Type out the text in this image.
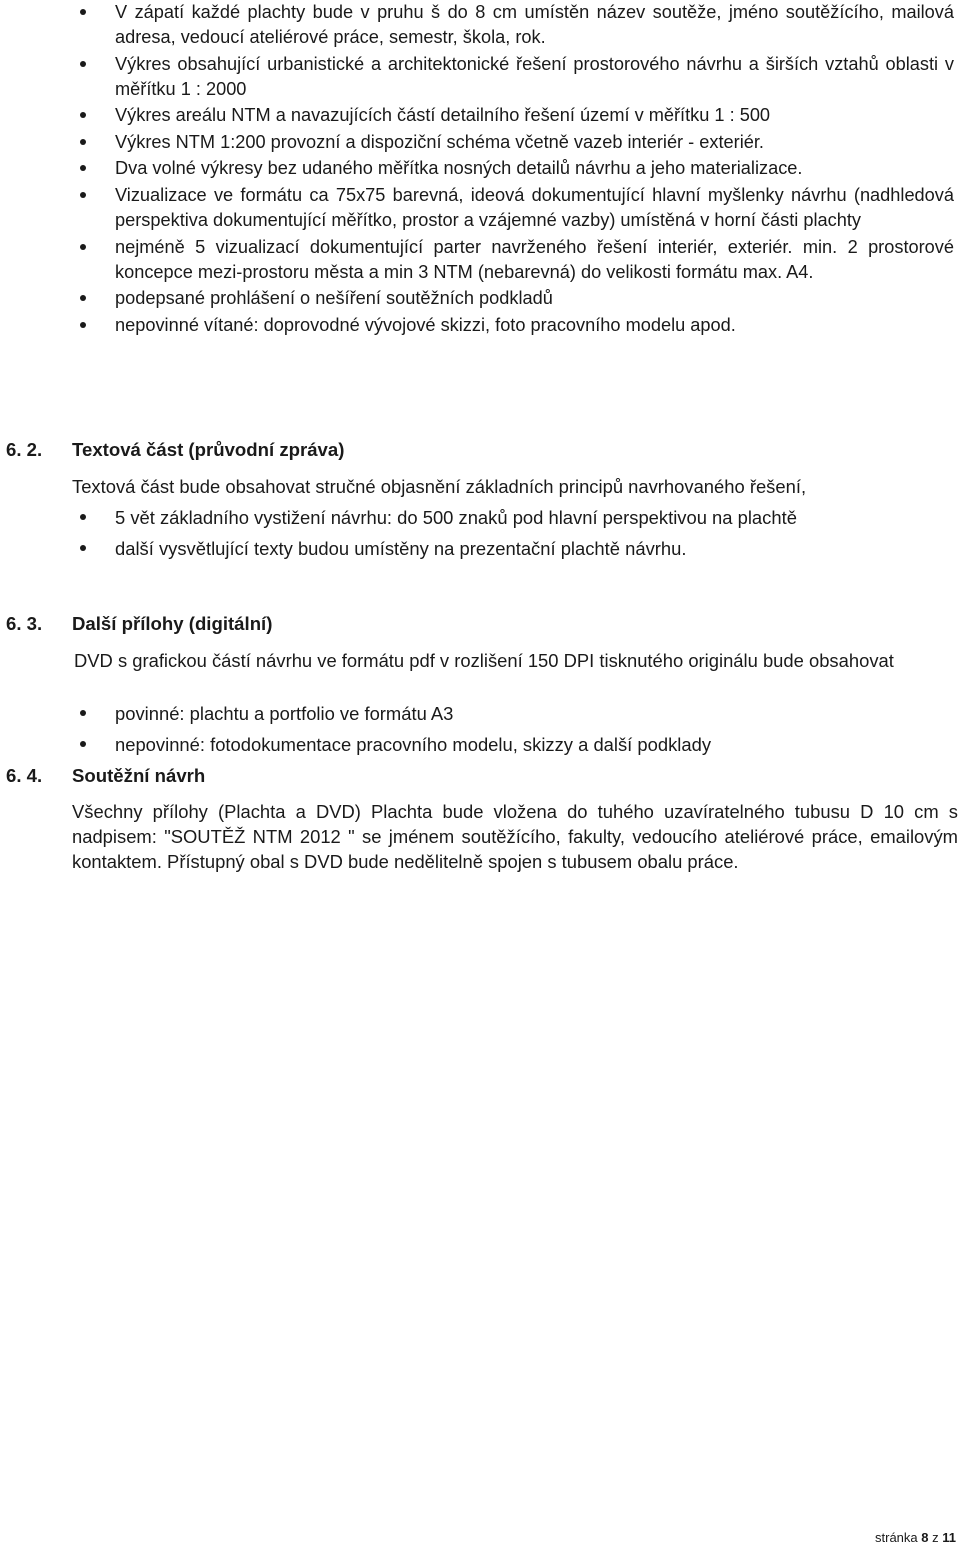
V zápatí každé plachty bude v pruhu š do 8 cm umístěn název soutěže, jméno soutěžícího, mailová adresa, vedoucí ateliérové práce, semestr, škola, rok.
Výkres obsahující urbanistické a architektonické řešení prostorového návrhu a širších vztahů oblasti v měřítku 1 : 2000
Výkres areálu NTM a navazujících částí detailního řešení území v měřítku 1 : 500
Výkres NTM 1:200 provozní a dispoziční schéma včetně vazeb interiér - exteriér.
Dva volné výkresy bez udaného měřítka nosných detailů návrhu a jeho materializace.
Vizualizace ve formátu ca 75x75 barevná, ideová dokumentující hlavní myšlenky návrhu (nadhledová perspektiva dokumentující měřítko, prostor a vzájemné vazby) umístěná v horní části plachty
nejméně 5 vizualizací dokumentující parter navrženého řešení interiér, exteriér. min. 2 prostorové koncepce mezi-prostoru města a min 3 NTM (nebarevná) do velikosti formátu max. A4.
podepsané prohlášení o nešíření soutěžních podkladů
nepovinné vítané: doprovodné vývojové skizzi, foto pracovního modelu apod.
6. 2. Textová část (průvodní zpráva)
Textová část bude obsahovat stručné objasnění základních principů navrhovaného řešení,
5 vět základního vystižení návrhu: do 500 znaků pod hlavní perspektivou na plachtě
další vysvětlující texty budou umístěny na prezentační plachtě návrhu.
6. 3. Další přílohy (digitální)
DVD s grafickou částí návrhu ve formátu pdf v rozlišení 150 DPI tisknutého originálu bude obsahovat
povinné: plachtu a portfolio ve formátu A3
nepovinné: fotodokumentace pracovního modelu, skizzy a další podklady
6. 4. Soutěžní návrh
Všechny přílohy (Plachta a DVD) Plachta bude vložena do tuhého uzavíratelného tubusu D 10 cm s nadpisem: "SOUTĚŽ NTM 2012 " se jménem soutěžícího, fakulty, vedoucího ateliérové práce, emailovým kontaktem. Přístupný obal s DVD bude nedělitelně spojen s tubusem obalu práce.
stránka 8 z 11
